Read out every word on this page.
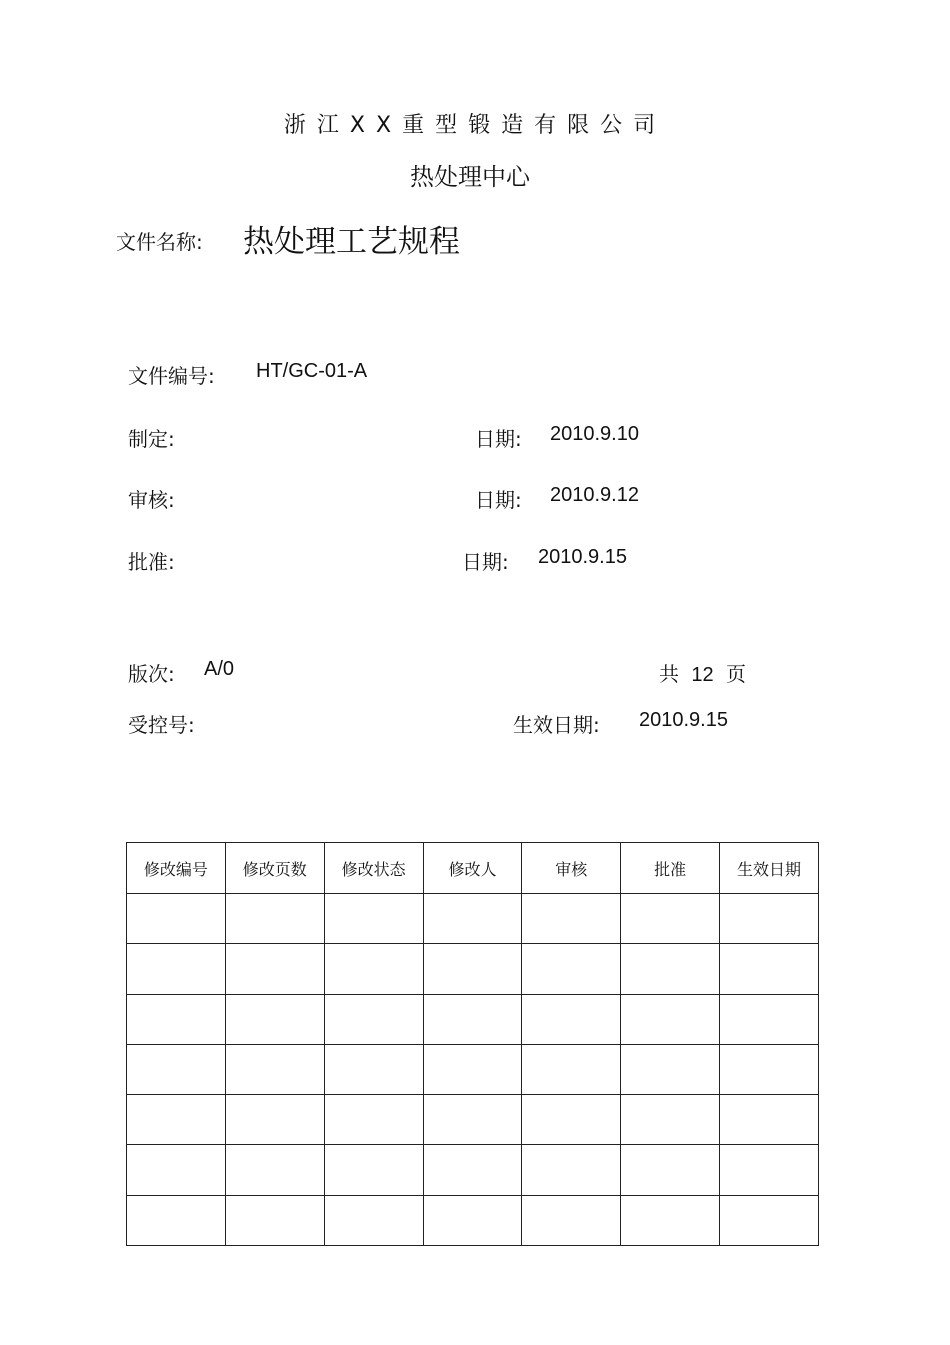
浙江XX重型锻造有限公司
热处理中心
文件名称: 热处理工艺规程
文件编号: HT/GC-01-A
制定:	日期: 2010.9.10
审核:	日期: 2010.9.12
批准:	日期: 2010.9.15
版次: A/0	共 12 页
受控号:	生效日期: 2010.9.15
修改编号	修改页数	修改状态	修改人	审核	批准	生效日期
